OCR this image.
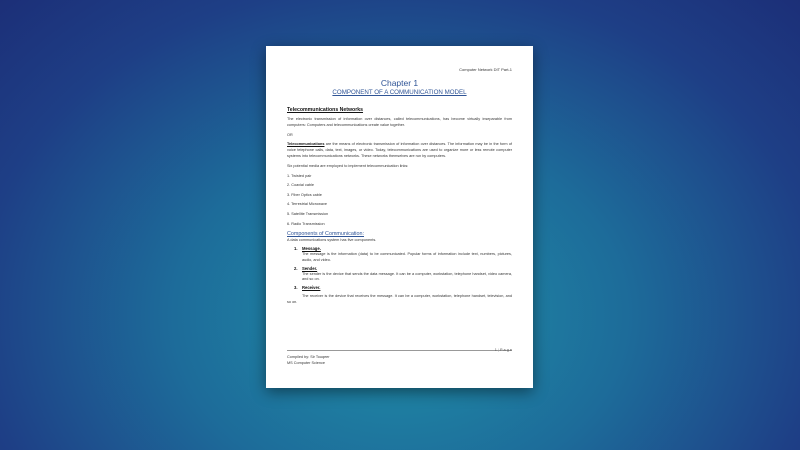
Computer Network DIT Part-1
Chapter 1
COMPONENT OF A COMMUNICATION MODEL
Telecommunications Networks

The electronic transmission of information over distances, called telecommunications, has become virtually inseparable from computers: Computers and telecommunications create value together.

OR

Telecommunications are the means of electronic transmission of information over distances. The information may be in the form of voice telephone calls, data, text, images, or video. Today, telecommunications are used to organize more or less remote computer systems into telecommunications networks. These networks themselves are run by computers.

Six potential media are employed to implement telecommunication links:

1. Twisted pair
2. Coaxial cable
3. Fiber Optics cable
4. Terrestrial Microwave
5. Satellite Transmission
6. Radio Transmission
Components of Communication:

A data communications system has five components.

1. Message.
The message is the information (data) to be communicated. Popular forms of information include text, numbers, pictures, audio, and video.
2. Sender.
The sender is the device that sends the data message. It can be a computer, workstation, telephone handset, video camera, and so on.
3. Receiver.
The receiver is the device that receives the message. It can be a computer, workstation, telephone handset, television, and so on.
1 | P a g e
Compiled by: Sir Touqeer
MS Computer Science
